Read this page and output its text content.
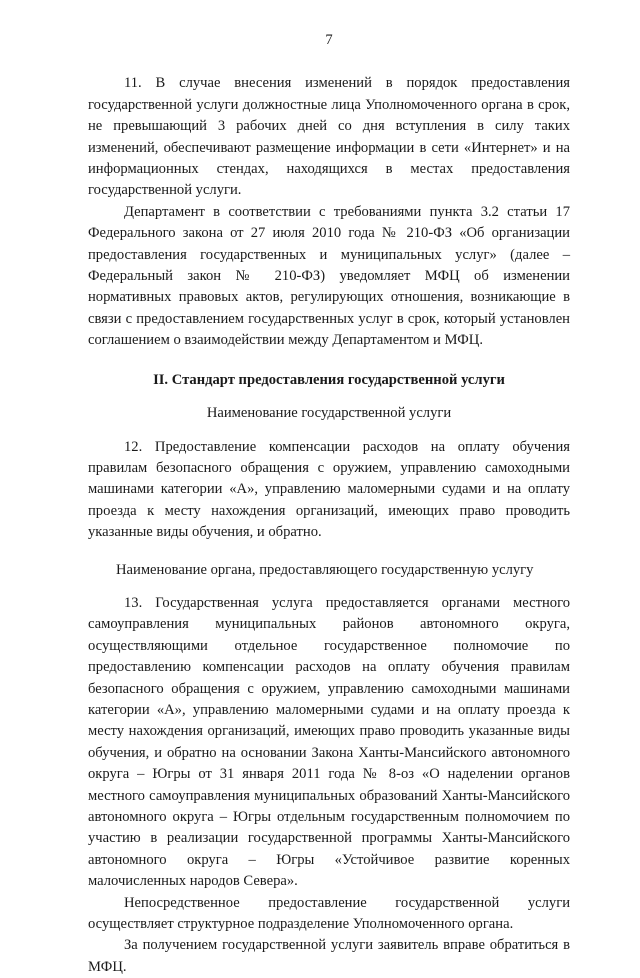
7

11. В случае внесения изменений в порядок предоставления государственной услуги должностные лица Уполномоченного органа в срок, не превышающий 3 рабочих дней со дня вступления в силу таких изменений, обеспечивают размещение информации в сети «Интернет» и на информационных стендах, находящихся в местах предоставления государственной услуги.

Департамент в соответствии с требованиями пункта 3.2 статьи 17 Федерального закона от 27 июля 2010 года № 210-ФЗ «Об организации предоставления государственных и муниципальных услуг» (далее – Федеральный закон № 210-ФЗ) уведомляет МФЦ об изменении нормативных правовых актов, регулирующих отношения, возникающие в связи с предоставлением государственных услуг в срок, который установлен соглашением о взаимодействии между Департаментом и МФЦ.

II. Стандарт предоставления государственной услуги
Наименование государственной услуги

12. Предоставление компенсации расходов на оплату обучения правилам безопасного обращения с оружием, управлению самоходными машинами категории «А», управлению маломерными судами и на оплату проезда к месту нахождения организаций, имеющих право проводить указанные виды обучения, и обратно.

Наименование органа, предоставляющего государственную услугу

13. Государственная услуга предоставляется органами местного самоуправления муниципальных районов автономного округа, осуществляющими отдельное государственное полномочие по предоставлению компенсации расходов на оплату обучения правилам безопасного обращения с оружием, управлению самоходными машинами категории «А», управлению маломерными судами и на оплату проезда к месту нахождения организаций, имеющих право проводить указанные виды обучения, и обратно на основании Закона Ханты-Мансийского автономного округа – Югры от 31 января 2011 года № 8-оз «О наделении органов местного самоуправления муниципальных образований Ханты-Мансийского автономного округа – Югры отдельным государственным полномочием по участию в реализации государственной программы Ханты-Мансийского автономного округа – Югры «Устойчивое развитие коренных малочисленных народов Севера».

Непосредственное предоставление государственной услуги осуществляет структурное подразделение Уполномоченного органа.

За получением государственной услуги заявитель вправе обратиться в МФЦ.
